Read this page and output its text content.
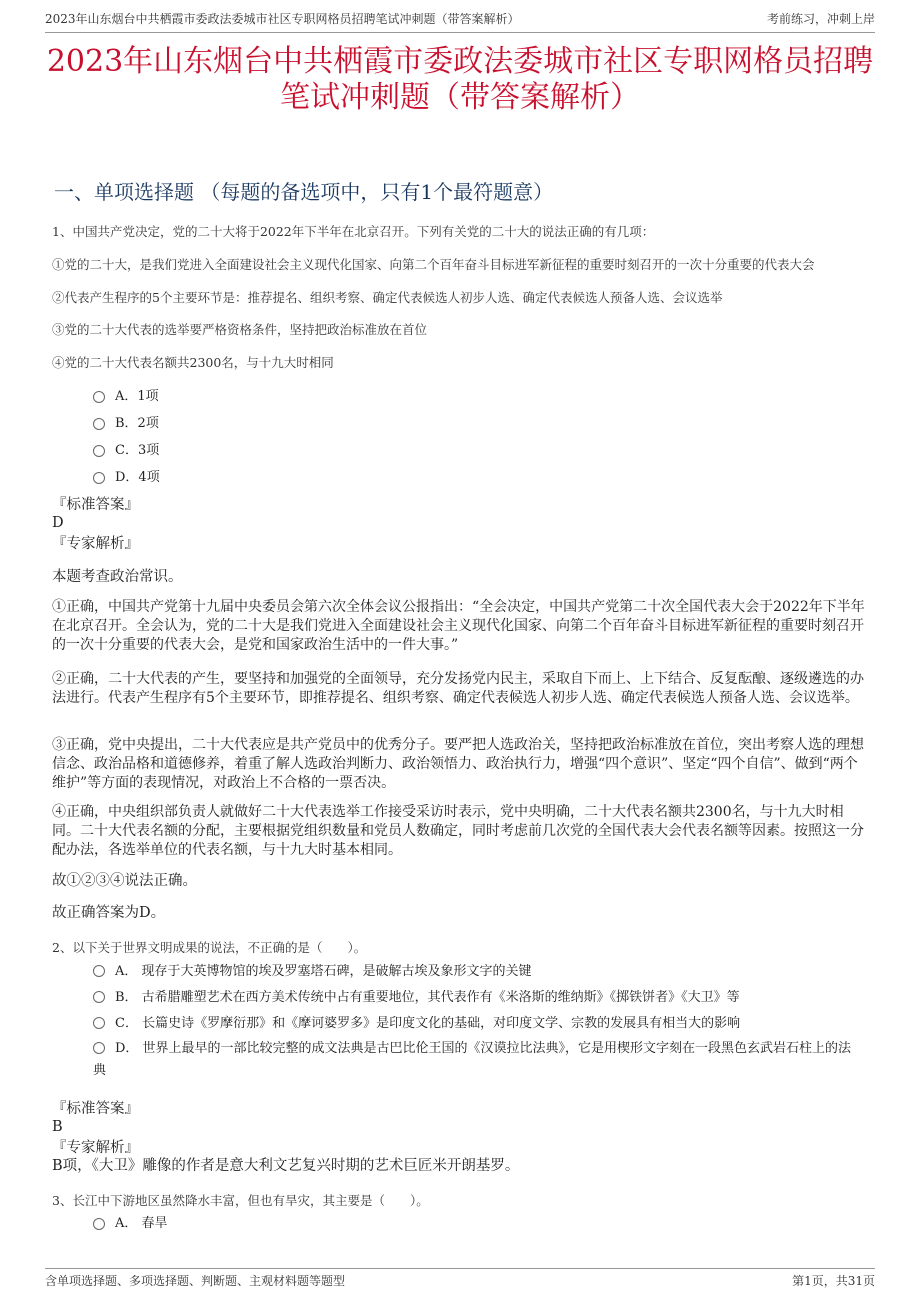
2023年山东烟台中共栖霞市委政法委城市社区专职网格员招聘笔试冲刺题（带答案解析）	考前练习，冲刺上岸
2023年山东烟台中共栖霞市委政法委城市社区专职网格员招聘
笔试冲刺题（带答案解析）
一、单项选择题 （每题的备选项中，只有1个最符题意）
1、中国共产党决定，党的二十大将于2022年下半年在北京召开。下列有关党的二十大的说法正确的有几项：
①党的二十大，是我们党进入全面建设社会主义现代化国家、向第二个百年奋斗目标进军新征程的重要时刻召开的一次十分重要的代表大会
②代表产生程序的5个主要环节是：推荐提名、组织考察、确定代表候选人初步人选、确定代表候选人预备人选、会议选举
③党的二十大代表的选举要严格资格条件，坚持把政治标准放在首位
④党的二十大代表名额共2300名，与十九大时相同
A．1项
B．2项
C．3项
D．4项
『标准答案』
D
『专家解析』
本题考查政治常识。
①正确，中国共产党第十九届中央委员会第六次全体会议公报指出：“全会决定，中国共产党第二十次全国代表大会于2022年下半年在北京召开。全会认为，党的二十大是我们党进入全面建设社会主义现代化国家、向第二个百年奋斗目标进军新征程的重要时刻召开的一次十分重要的代表大会，是党和国家政治生活中的一件大事。”
②正确，二十大代表的产生，要坚持和加强党的全面领导，充分发扬党内民主，采取自下而上、上下结合、反复酝酿、逐级遴选的办法进行。代表产生程序有5个主要环节，即推荐提名、组织考察、确定代表候选人初步人选、确定代表候选人预备人选、会议选举。
③正确，党中央提出，二十大代表应是共产党员中的优秀分子。要严把人选政治关，坚持把政治标准放在首位，突出考察人选的理想信念、政治品格和道德修养，着重了解人选政治判断力、政治领悟力、政治执行力，增强“四个意识”、坚定“四个自信”、做到“两个维护”等方面的表现情况，对政治上不合格的一票否决。
④正确，中央组织部负责人就做好二十大代表选举工作接受采访时表示，党中央明确，二十大代表名额共2300名，与十九大时相同。二十大代表名额的分配，主要根据党组织数量和党员人数确定，同时考虑前几次党的全国代表大会代表名额等因素。按照这一分配办法，各选举单位的代表名额，与十九大时基本相同。
故①②③④说法正确。
故正确答案为D。
2、以下关于世界文明成果的说法，不正确的是（　　）。
A． 现存于大英博物馆的埃及罗塞塔石碑，是破解古埃及象形文字的关键
B． 古希腊雕塑艺术在西方美术传统中占有重要地位，其代表作有《米洛斯的维纳斯》《掷铁饼者》《大卫》等
C． 长篇史诗《罗摩衍那》和《摩诃婆罗多》是印度文化的基础，对印度文学、宗教的发展具有相当大的影响
D． 世界上最早的一部比较完整的成文法典是古巴比伦王国的《汉谟拉比法典》，它是用楔形文字刻在一段黑色玄武岩石柱上的法典
『标准答案』
B
『专家解析』
B项，《大卫》雕像的作者是意大利文艺复兴时期的艺术巨匠米开朗基罗。
3、长江中下游地区虽然降水丰富，但也有旱灾，其主要是（　　）。
A． 春旱
含单项选择题、多项选择题、判断题、主观材料题等题型	第1页，共31页
